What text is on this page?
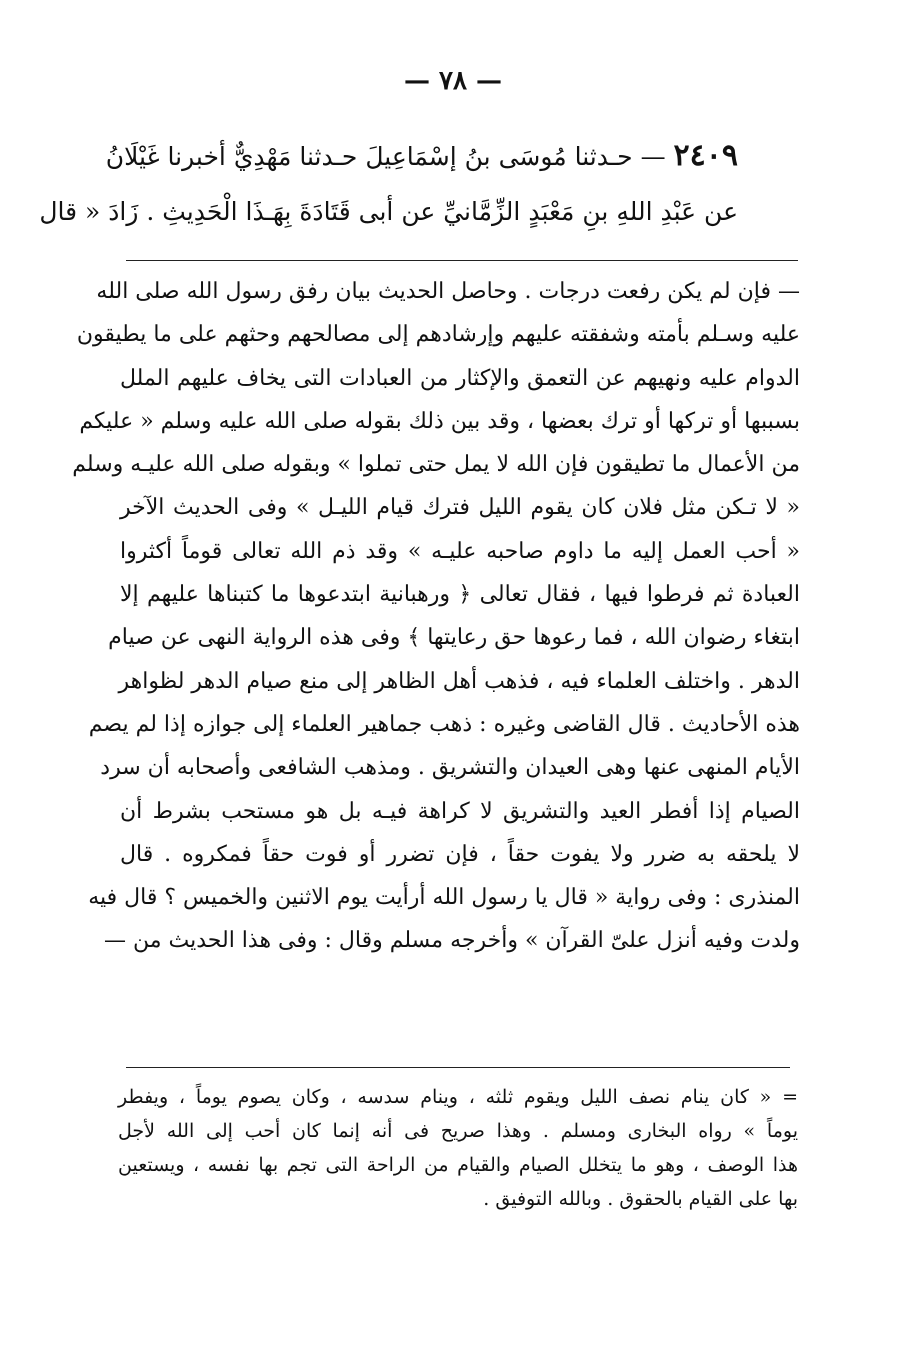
— ٧٨ —
٢٤٠٩ — حـدثنا مُوسَى بنُ إسْمَاعِيلَ حـدثنا مَهْدِيٌّ أخبرنا غَيْلَانُ
عن عَبْدِ اللهِ بنِ مَعْبَدٍ الزِّمَّانيِّ عن أبى قَتَادَةَ بِهَـذَا الْحَدِيثِ . زَادَ « قال
— فإن لم يكن رفعت درجات . وحاصل الحديث بيان رفق رسول الله صلى الله
عليه وسـلم بأمته وشفقته عليهم وإرشادهم إلى مصالحهم وحثهم على ما يطيقون
الدوام عليه ونهيهم عن التعمق والإكثار من العبادات التى يخاف عليهم الملل
بسببها أو تركها أو ترك بعضها ، وقد بين ذلك بقوله صلى الله عليه وسلم « عليكم
من الأعمال ما تطيقون فإن الله لا يمل حتى تملوا » وبقوله صلى الله عليـه وسلم
« لا تـكن مثل فلان كان يقوم الليل فترك قيام الليـل » وفى الحديث الآخر
« أحب العمل إليه ما داوم صاحبه عليـه » وقد ذم الله تعالى قوماً أكثروا
العبادة ثم فرطوا فيها ، فقال تعالى ﴿ ورهبانية ابتدعوها ما كتبناها عليهم إلا
ابتغاء رضوان الله ، فما رعوها حق رعايتها ﴾ وفى هذه الرواية النهى عن صيام
الدهر . واختلف العلماء فيه ، فذهب أهل الظاهر إلى منع صيام الدهر لظواهر
هذه الأحاديث . قال القاضى وغيره : ذهب جماهير العلماء إلى جوازه إذا لم يصم
الأيام المنهى عنها وهى العيدان والتشريق . ومذهب الشافعى وأصحابه أن سرد
الصيام إذا أفطر العيد والتشريق لا كراهة فيـه بل هو مستحب بشرط أن
لا يلحقه به ضرر ولا يفوت حقاً ، فإن تضرر أو فوت حقاً فمكروه . قال
المنذرى : وفى رواية « قال يا رسول الله أرأيت يوم الاثنين والخميس ؟ قال فيه
ولدت وفيه أنزل علىّ القرآن » وأخرجه مسلم وقال : وفى هذا الحديث من —
= « كان ينام نصف الليل ويقوم ثلثه ، وينام سدسه ، وكان يصوم يوماً ، ويفطر
يوماً » رواه البخارى ومسلم . وهذا صريح فى أنه إنما كان أحب إلى الله لأجل
هذا الوصف ، وهو ما يتخلل الصيام والقيام من الراحة التى تجم بها نفسه ، ويستعين
بها على القيام بالحقوق . وبالله التوفيق .
